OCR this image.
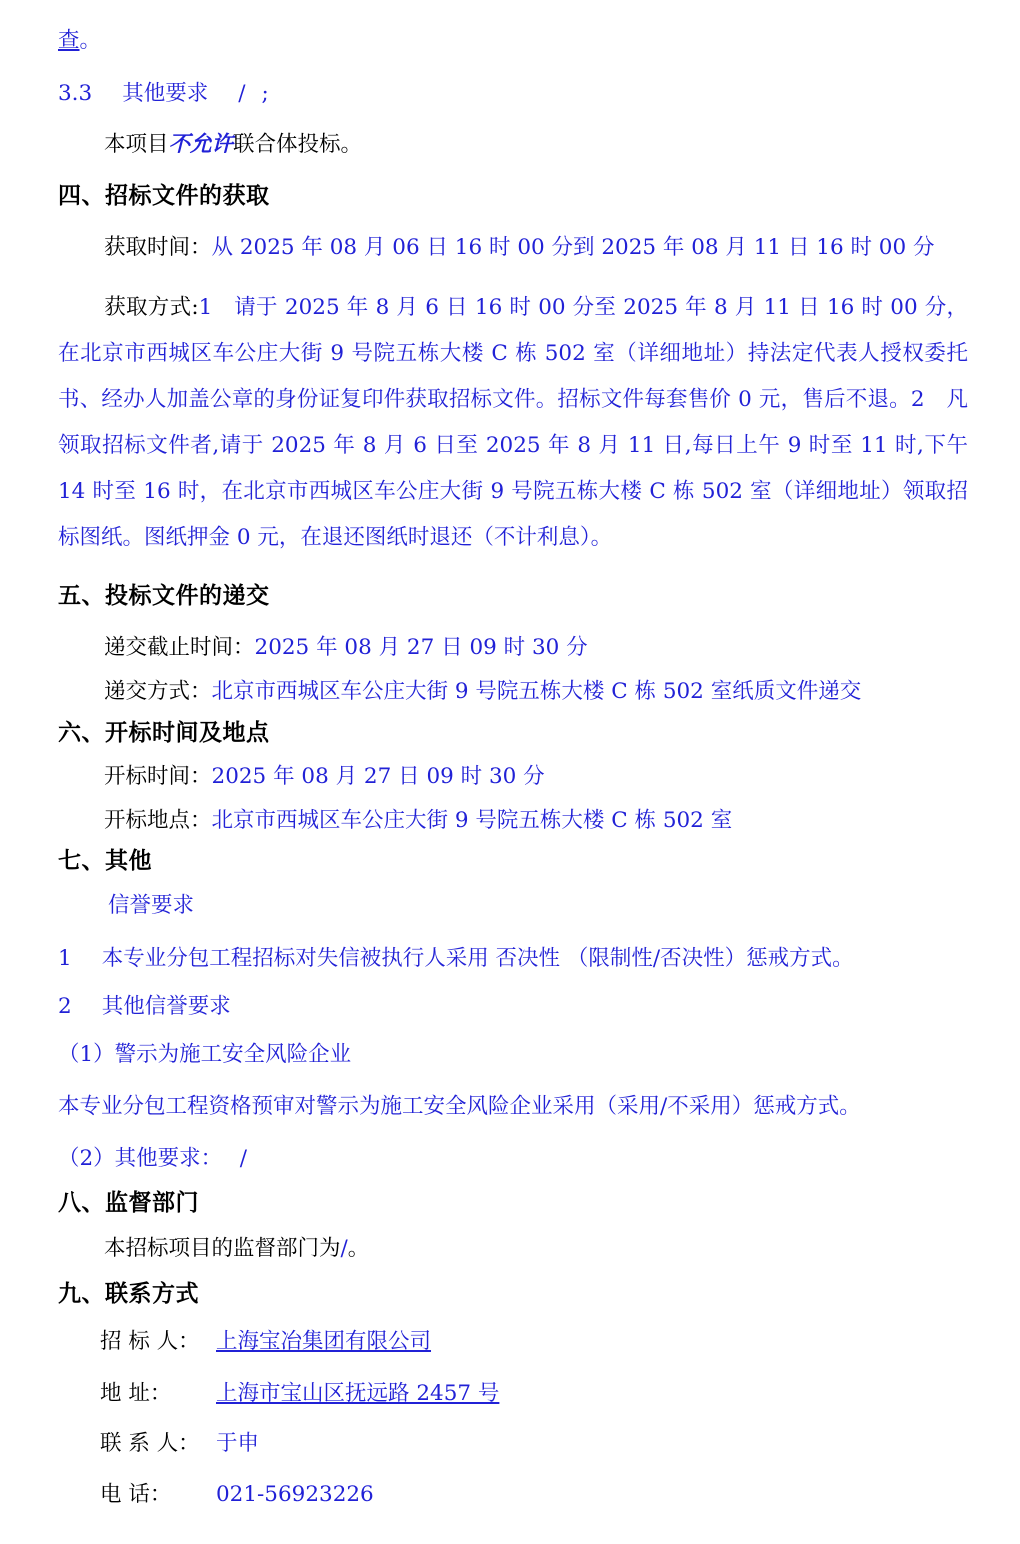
查。
3.3 其他要求 / ;
本项目不允许联合体投标。
四、招标文件的获取
获取时间：从 2025 年 08 月 06 日 16 时 00 分到 2025 年 08 月 11 日 16 时 00 分
获取方式:1　请于 2025 年 8 月 6 日 16 时 00 分至 2025 年 8 月 11 日 16 时 00 分，在北京市西城区车公庄大街 9 号院五栋大楼 C 栋 502 室（详细地址）持法定代表人授权委托书、经办人加盖公章的身份证复印件获取招标文件。招标文件每套售价 0 元，售后不退。2　凡领取招标文件者,请于 2025 年 8 月 6 日至 2025 年 8 月 11 日,每日上午 9 时至 11 时,下午 14 时至 16 时，在北京市西城区车公庄大街 9 号院五栋大楼 C 栋 502 室（详细地址）领取招标图纸。图纸押金 0 元，在退还图纸时退还（不计利息）。
五、投标文件的递交
递交截止时间：2025 年 08 月 27 日 09 时 30 分
递交方式：北京市西城区车公庄大街 9 号院五栋大楼 C 栋 502 室纸质文件递交
六、开标时间及地点
开标时间：2025 年 08 月 27 日 09 时 30 分
开标地点：北京市西城区车公庄大街 9 号院五栋大楼 C 栋 502 室
七、其他
信誉要求
1 本专业分包工程招标对失信被执行人采用 否决性 （限制性/否决性）惩戒方式。
2 其他信誉要求
（1）警示为施工安全风险企业
本专业分包工程资格预审对警示为施工安全风险企业采用（采用/不采用）惩戒方式。
（2）其他要求：　 /
八、监督部门
本招标项目的监督部门为/。
九、联系方式
招 标 人： 上海宝冶集团有限公司
地 址： 上海市宝山区抚远路 2457 号
联 系 人： 于申
电 话： 021-56923226
